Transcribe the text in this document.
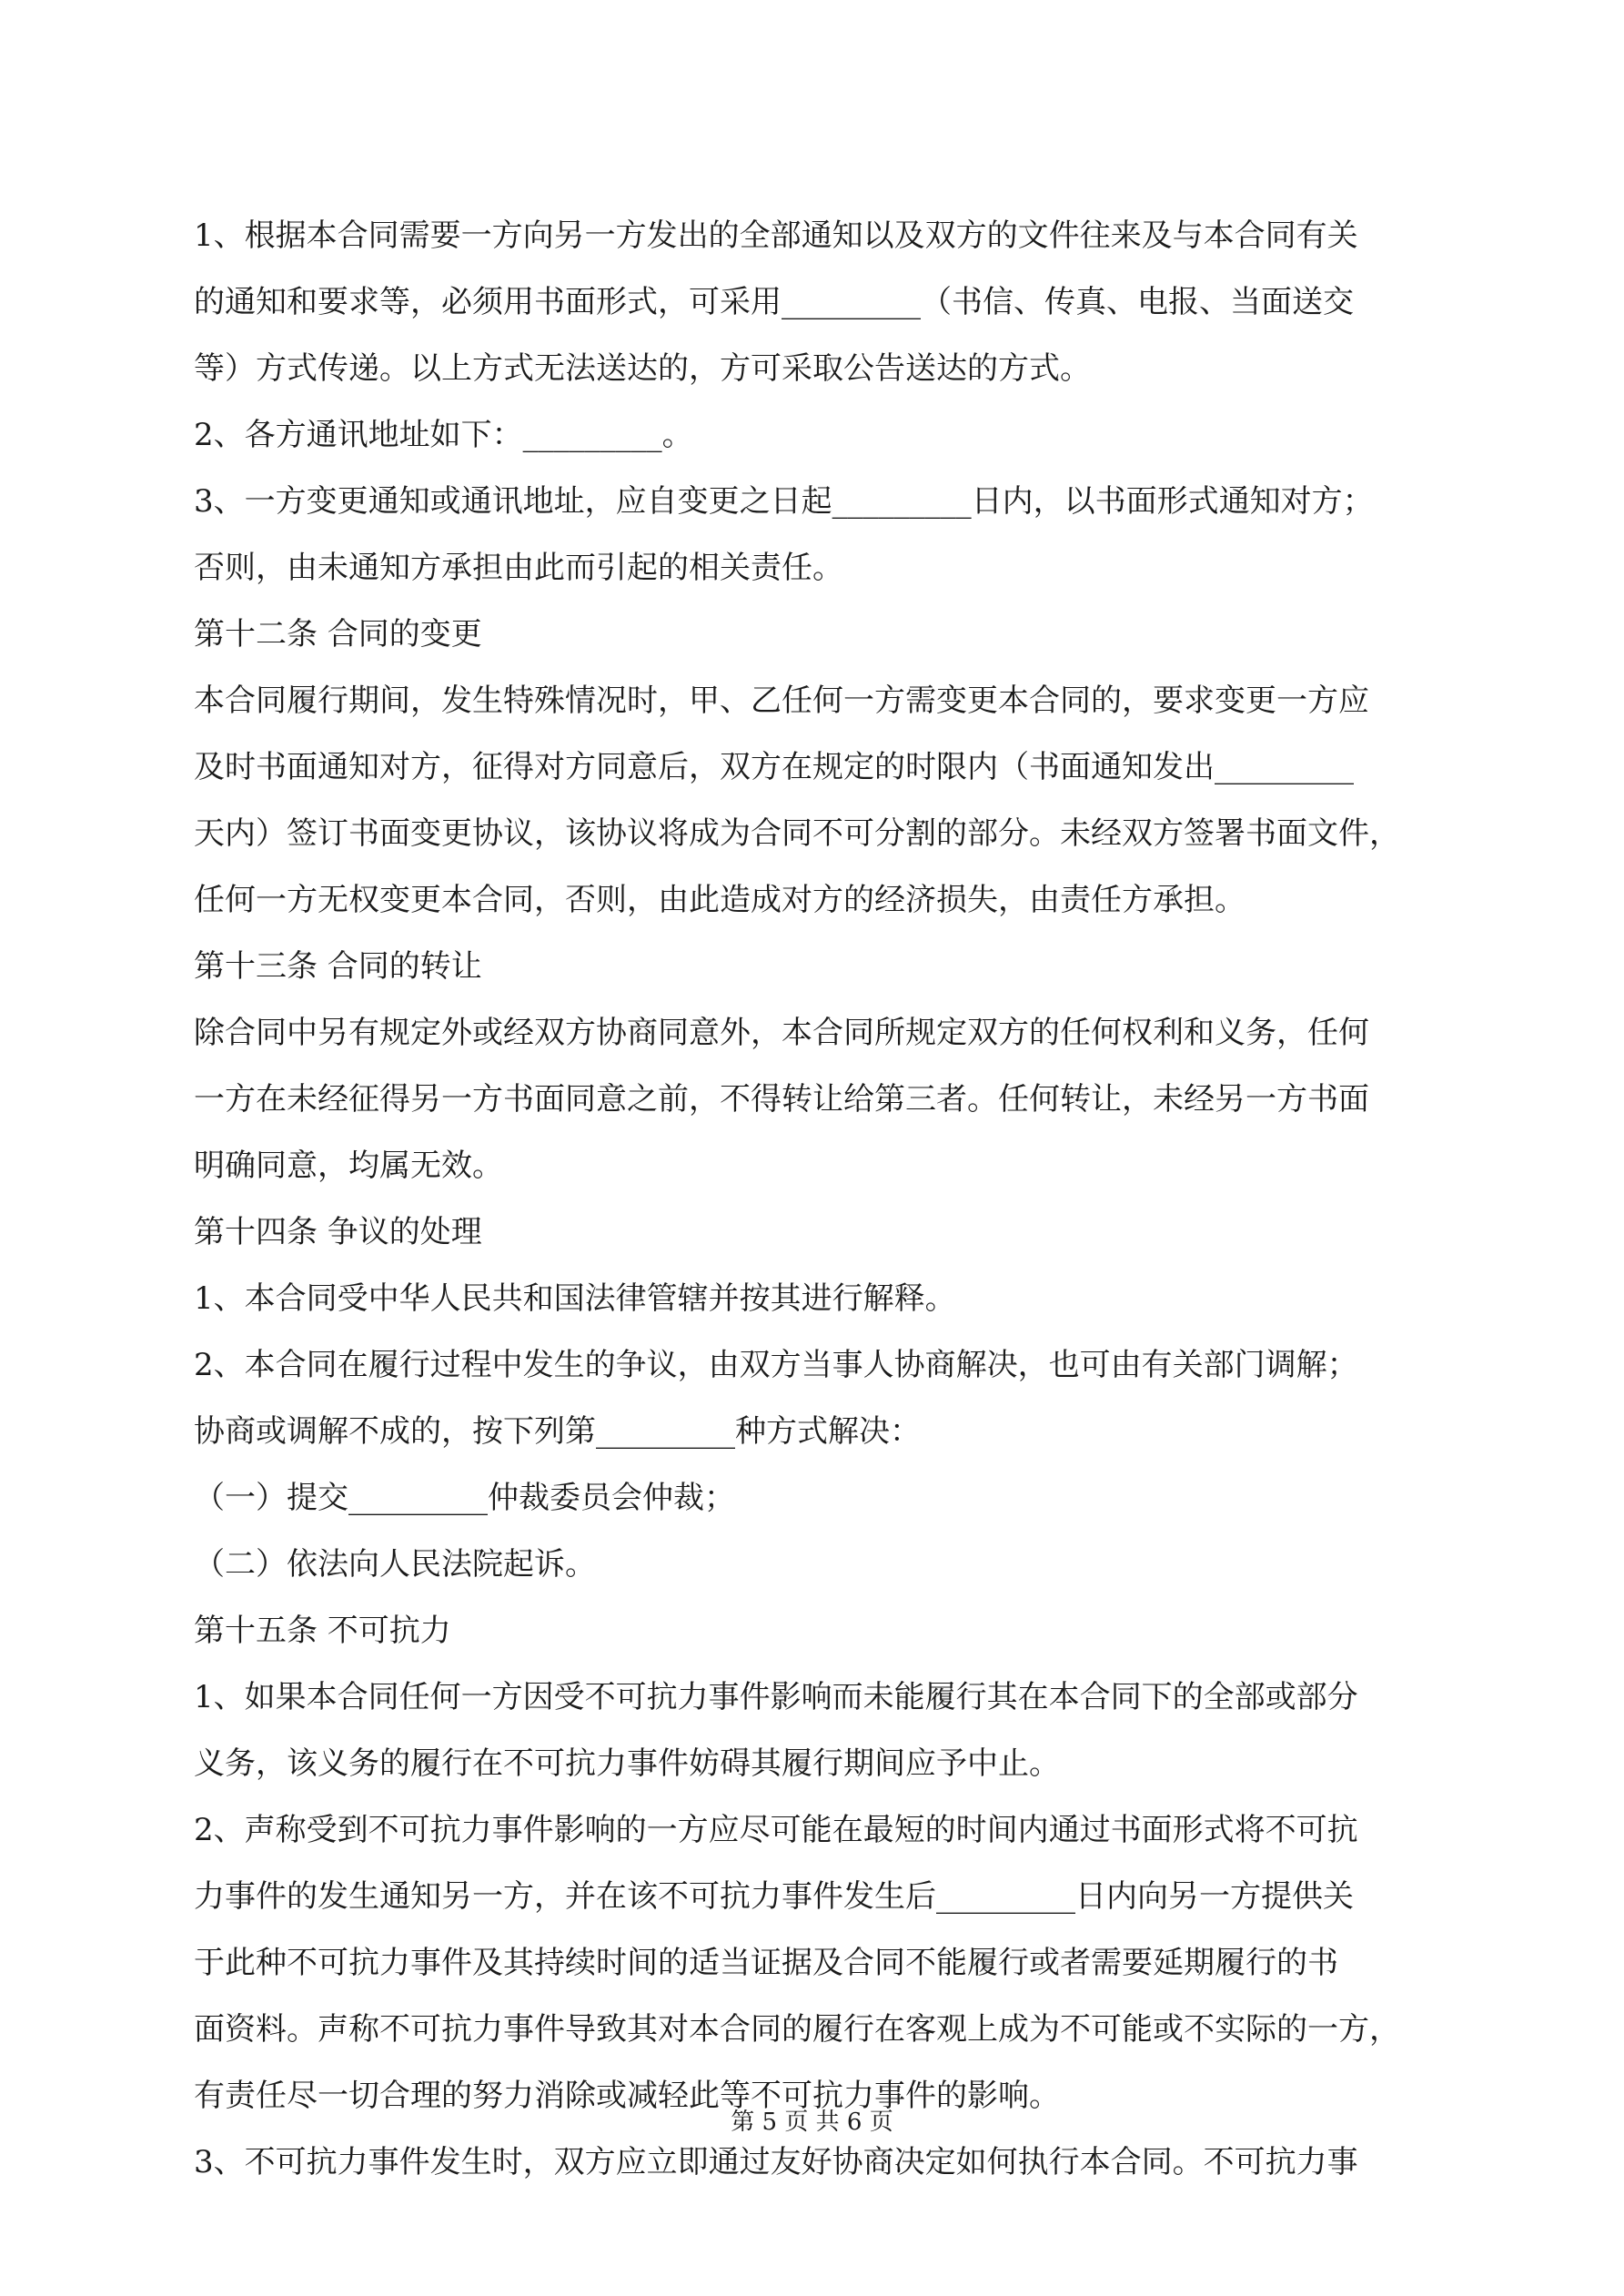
1、根据本合同需要一方向另一方发出的全部通知以及双方的文件往来及与本合同有关
的通知和要求等，必须用书面形式，可采用_________（书信、传真、电报、当面送交
等）方式传递。以上方式无法送达的，方可采取公告送达的方式。
2、各方通讯地址如下：_________。
3、一方变更通知或通讯地址，应自变更之日起_________日内，以书面形式通知对方；
否则，由未通知方承担由此而引起的相关责任。
第十二条 合同的变更
本合同履行期间，发生特殊情况时，甲、乙任何一方需变更本合同的，要求变更一方应
及时书面通知对方，征得对方同意后，双方在规定的时限内（书面通知发出_________
天内）签订书面变更协议，该协议将成为合同不可分割的部分。未经双方签署书面文件，
任何一方无权变更本合同，否则，由此造成对方的经济损失，由责任方承担。
第十三条 合同的转让
除合同中另有规定外或经双方协商同意外，本合同所规定双方的任何权利和义务，任何
一方在未经征得另一方书面同意之前，不得转让给第三者。任何转让，未经另一方书面
明确同意，均属无效。
第十四条 争议的处理
1、本合同受中华人民共和国法律管辖并按其进行解释。
2、本合同在履行过程中发生的争议，由双方当事人协商解决，也可由有关部门调解；
协商或调解不成的，按下列第_________种方式解决：
（一）提交_________仲裁委员会仲裁；
（二）依法向人民法院起诉。
第十五条 不可抗力
1、如果本合同任何一方因受不可抗力事件影响而未能履行其在本合同下的全部或部分
义务，该义务的履行在不可抗力事件妨碍其履行期间应予中止。
2、声称受到不可抗力事件影响的一方应尽可能在最短的时间内通过书面形式将不可抗
力事件的发生通知另一方，并在该不可抗力事件发生后_________日内向另一方提供关
于此种不可抗力事件及其持续时间的适当证据及合同不能履行或者需要延期履行的书
面资料。声称不可抗力事件导致其对本合同的履行在客观上成为不可能或不实际的一方，
有责任尽一切合理的努力消除或减轻此等不可抗力事件的影响。
3、不可抗力事件发生时，双方应立即通过友好协商决定如何执行本合同。不可抗力事
第 5 页 共 6 页
